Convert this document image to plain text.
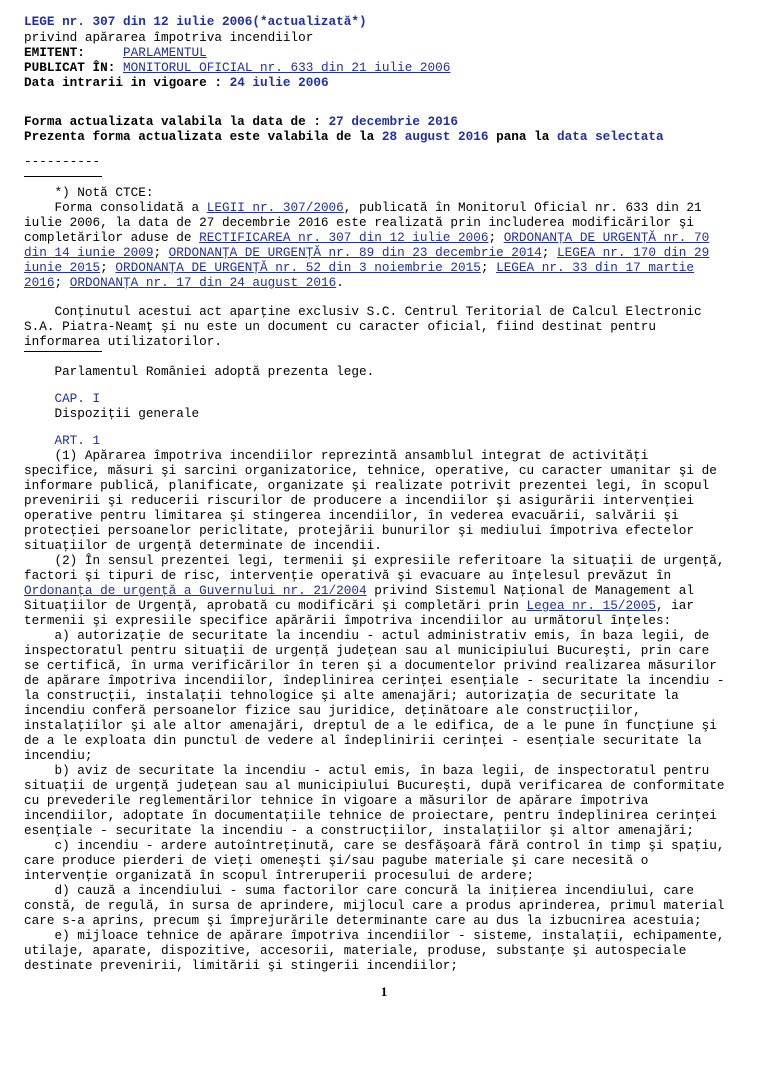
LEGE nr. 307 din 12 iulie 2006(*actualizată*)

privind apărarea împotriva incendiilor

EMITENT:	PARLAMENTUL

PUBLICAT ÎN: MONITORUL OFICIAL nr. 633 din 21 iulie 2006

Data intrarii in vigoare : 24 iulie 2006

Forma actualizata valabila la data de : 27 decembrie 2016

Prezenta forma actualizata este valabila de la 28 august 2016 pana la data selectata

----------

*) Notă CTCE:

Forma consolidată a LEGII nr. 307/2006, publicată în Monitorul Oficial nr. 633 din 21

iulie 2006, la data de 27 decembrie 2016 este realizată prin includerea modificărilor şi

completărilor aduse de RECTIFICAREA nr. 307 din 12 iulie 2006; ORDONANŢA DE URGENŢĂ nr. 70

din 14 iunie 2009; ORDONANŢA DE URGENŢĂ nr. 89 din 23 decembrie 2014; LEGEA nr. 170 din 29

iunie 2015; ORDONANŢA DE URGENŢĂ nr. 52 din 3 noiembrie 2015; LEGEA nr. 33 din 17 martie

2016; ORDONANŢA nr. 17 din 24 august 2016.

Conţinutul acestui act aparţine exclusiv S.C. Centrul Teritorial de Calcul Electronic

S.A. Piatra-Neamţ şi nu este un document cu caracter oficial, fiind destinat pentru

informarea utilizatorilor.

Parlamentul României adoptă prezenta lege.

CAP. I

Dispoziţii generale

ART. 1

(1) Apărarea împotriva incendiilor reprezintă ansamblul integrat de activităţi

specifice, măsuri şi sarcini organizatorice, tehnice, operative, cu caracter umanitar şi de

informare publică, planificate, organizate şi realizate potrivit prezentei legi, în scopul

prevenirii şi reducerii riscurilor de producere a incendiilor şi asigurării intervenţiei

operative pentru limitarea şi stingerea incendiilor, în vederea evacuării, salvării şi

protecţiei persoanelor periclitate, protejării bunurilor şi mediului împotriva efectelor

situaţiilor de urgenţă determinate de incendii.

(2) În sensul prezentei legi, termenii şi expresiile referitoare la situaţii de urgenţă,

factori şi tipuri de risc, intervenţie operativă şi evacuare au înţelesul prevăzut în

Ordonanţa de urgenţă a Guvernului nr. 21/2004 privind Sistemul Naţional de Management al

Situaţiilor de Urgenţă, aprobată cu modificări şi completări prin Legea nr. 15/2005, iar

termenii şi expresiile specifice apărării împotriva incendiilor au următorul înţeles:

a) autorizaţie de securitate la incendiu - actul administrativ emis, în baza legii, de

inspectoratul pentru situaţii de urgenţă judeţean sau al municipiului Bucureşti, prin care

se certifică, în urma verificărilor în teren şi a documentelor privind realizarea măsurilor

de apărare împotriva incendiilor, îndeplinirea cerinţei esenţiale - securitate la incendiu -

la construcţii, instalaţii tehnologice şi alte amenajări; autorizaţia de securitate la

incendiu conferă persoanelor fizice sau juridice, deţinătoare ale construcţiilor,

instalaţiilor şi ale altor amenajări, dreptul de a le edifica, de a le pune în funcţiune şi

de a le exploata din punctul de vedere al îndeplinirii cerinţei - esenţiale securitate la

incendiu;

b) aviz de securitate la incendiu - actul emis, în baza legii, de inspectoratul pentru

situaţii de urgenţă judeţean sau al municipiului Bucureşti, după verificarea de conformitate

cu prevederile reglementărilor tehnice în vigoare a măsurilor de apărare împotriva

incendiilor, adoptate în documentaţiile tehnice de proiectare, pentru îndeplinirea cerinţei

esenţiale - securitate la incendiu - a construcţiilor, instalaţiilor şi altor amenajări;

c) incendiu - ardere autoîntreţinută, care se desfăşoară fără control în timp şi spaţiu,

care produce pierderi de vieţi omeneşti şi/sau pagube materiale şi care necesită o

intervenţie organizată în scopul întreruperii procesului de ardere;

d) cauză a incendiului - suma factorilor care concură la iniţierea incendiului, care

constă, de regulă, în sursa de aprindere, mijlocul care a produs aprinderea, primul material

care s-a aprins, precum şi împrejurările determinante care au dus la izbucnirea acestuia;

e) mijloace tehnice de apărare împotriva incendiilor - sisteme, instalaţii, echipamente,

utilaje, aparate, dispozitive, accesorii, materiale, produse, substanţe şi autospeciale

destinate prevenirii, limitării şi stingerii incendiilor;

1
